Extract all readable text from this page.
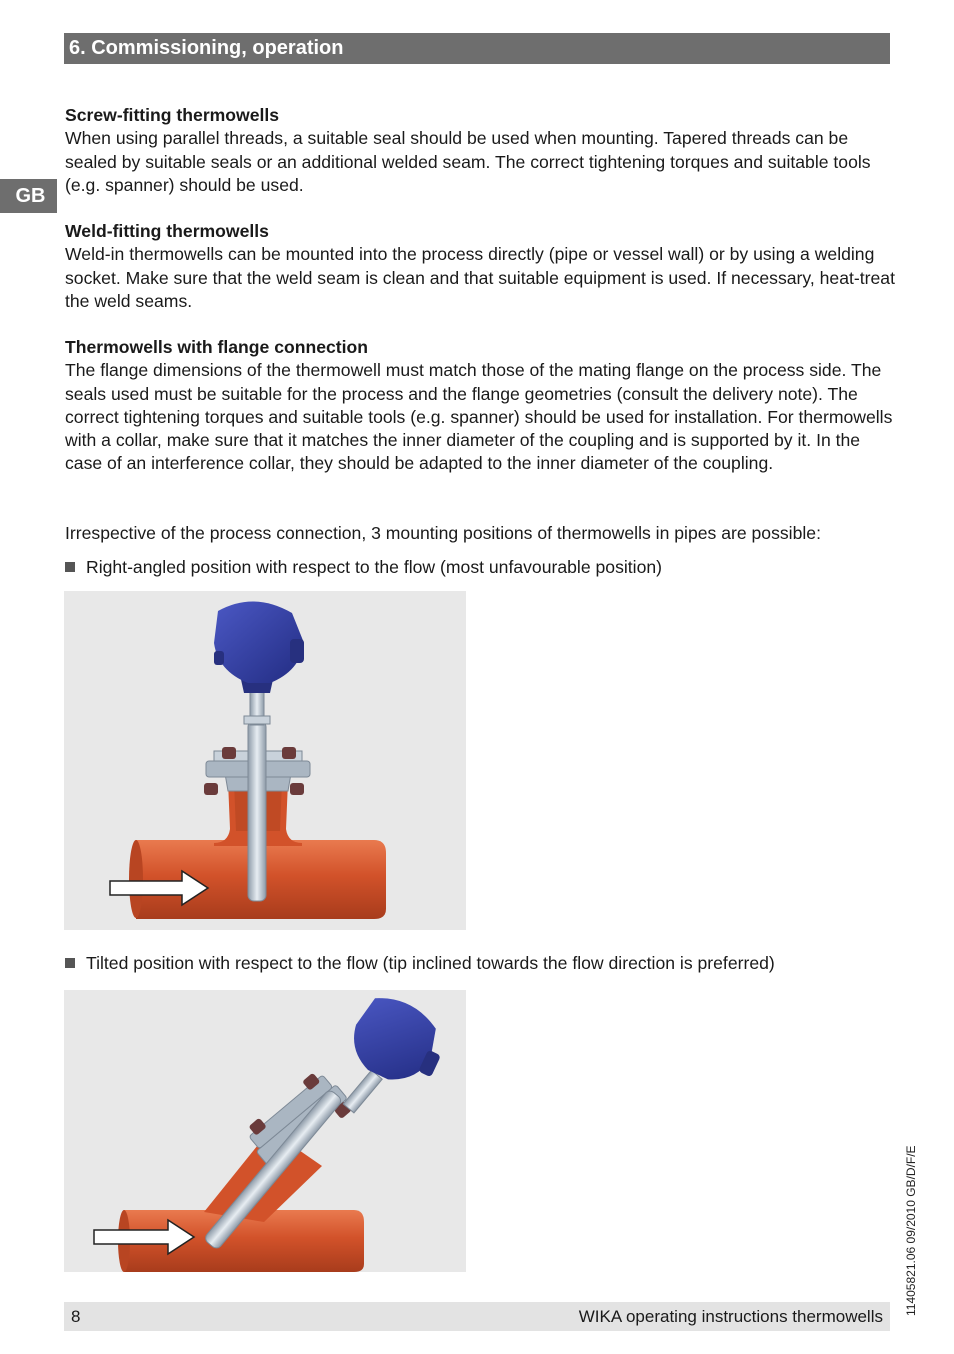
6. Commissioning, operation
GB

Screw-fitting thermowells

When using parallel threads, a suitable seal should be used when mounting. Tapered threads can be sealed by suitable seals or an additional welded seam. The correct tightening torques and suitable tools (e.g. spanner) should be used.

Weld-fitting thermowells

Weld-in thermowells can be mounted into the process directly (pipe or vessel wall) or by using a welding socket. Make sure that the weld seam is clean and that suitable equipment is used. If necessary, heat-treat the weld seams.

Thermowells with flange connection

The flange dimensions of the thermowell must match those of the mating flange on the process side. The seals used must be suitable for the process and the flange geometries (consult the delivery note). The correct tightening torques and suitable tools (e.g. spanner) should be used for installation. For thermowells with a collar, make sure that it matches the inner diameter of the coupling and is supported by it. In the case of an interference collar, they should be adapted to the inner diameter of the coupling.

Irrespective of the process connection, 3 mounting positions of thermowells in pipes are possible:

Right-angled position with respect to the flow (most unfavourable position)
Tilted position with respect to the flow (tip inclined towards the flow direction is preferred)
11405821.06 09/2010 GB/D/F/E
8	WIKA operating instructions thermowells
